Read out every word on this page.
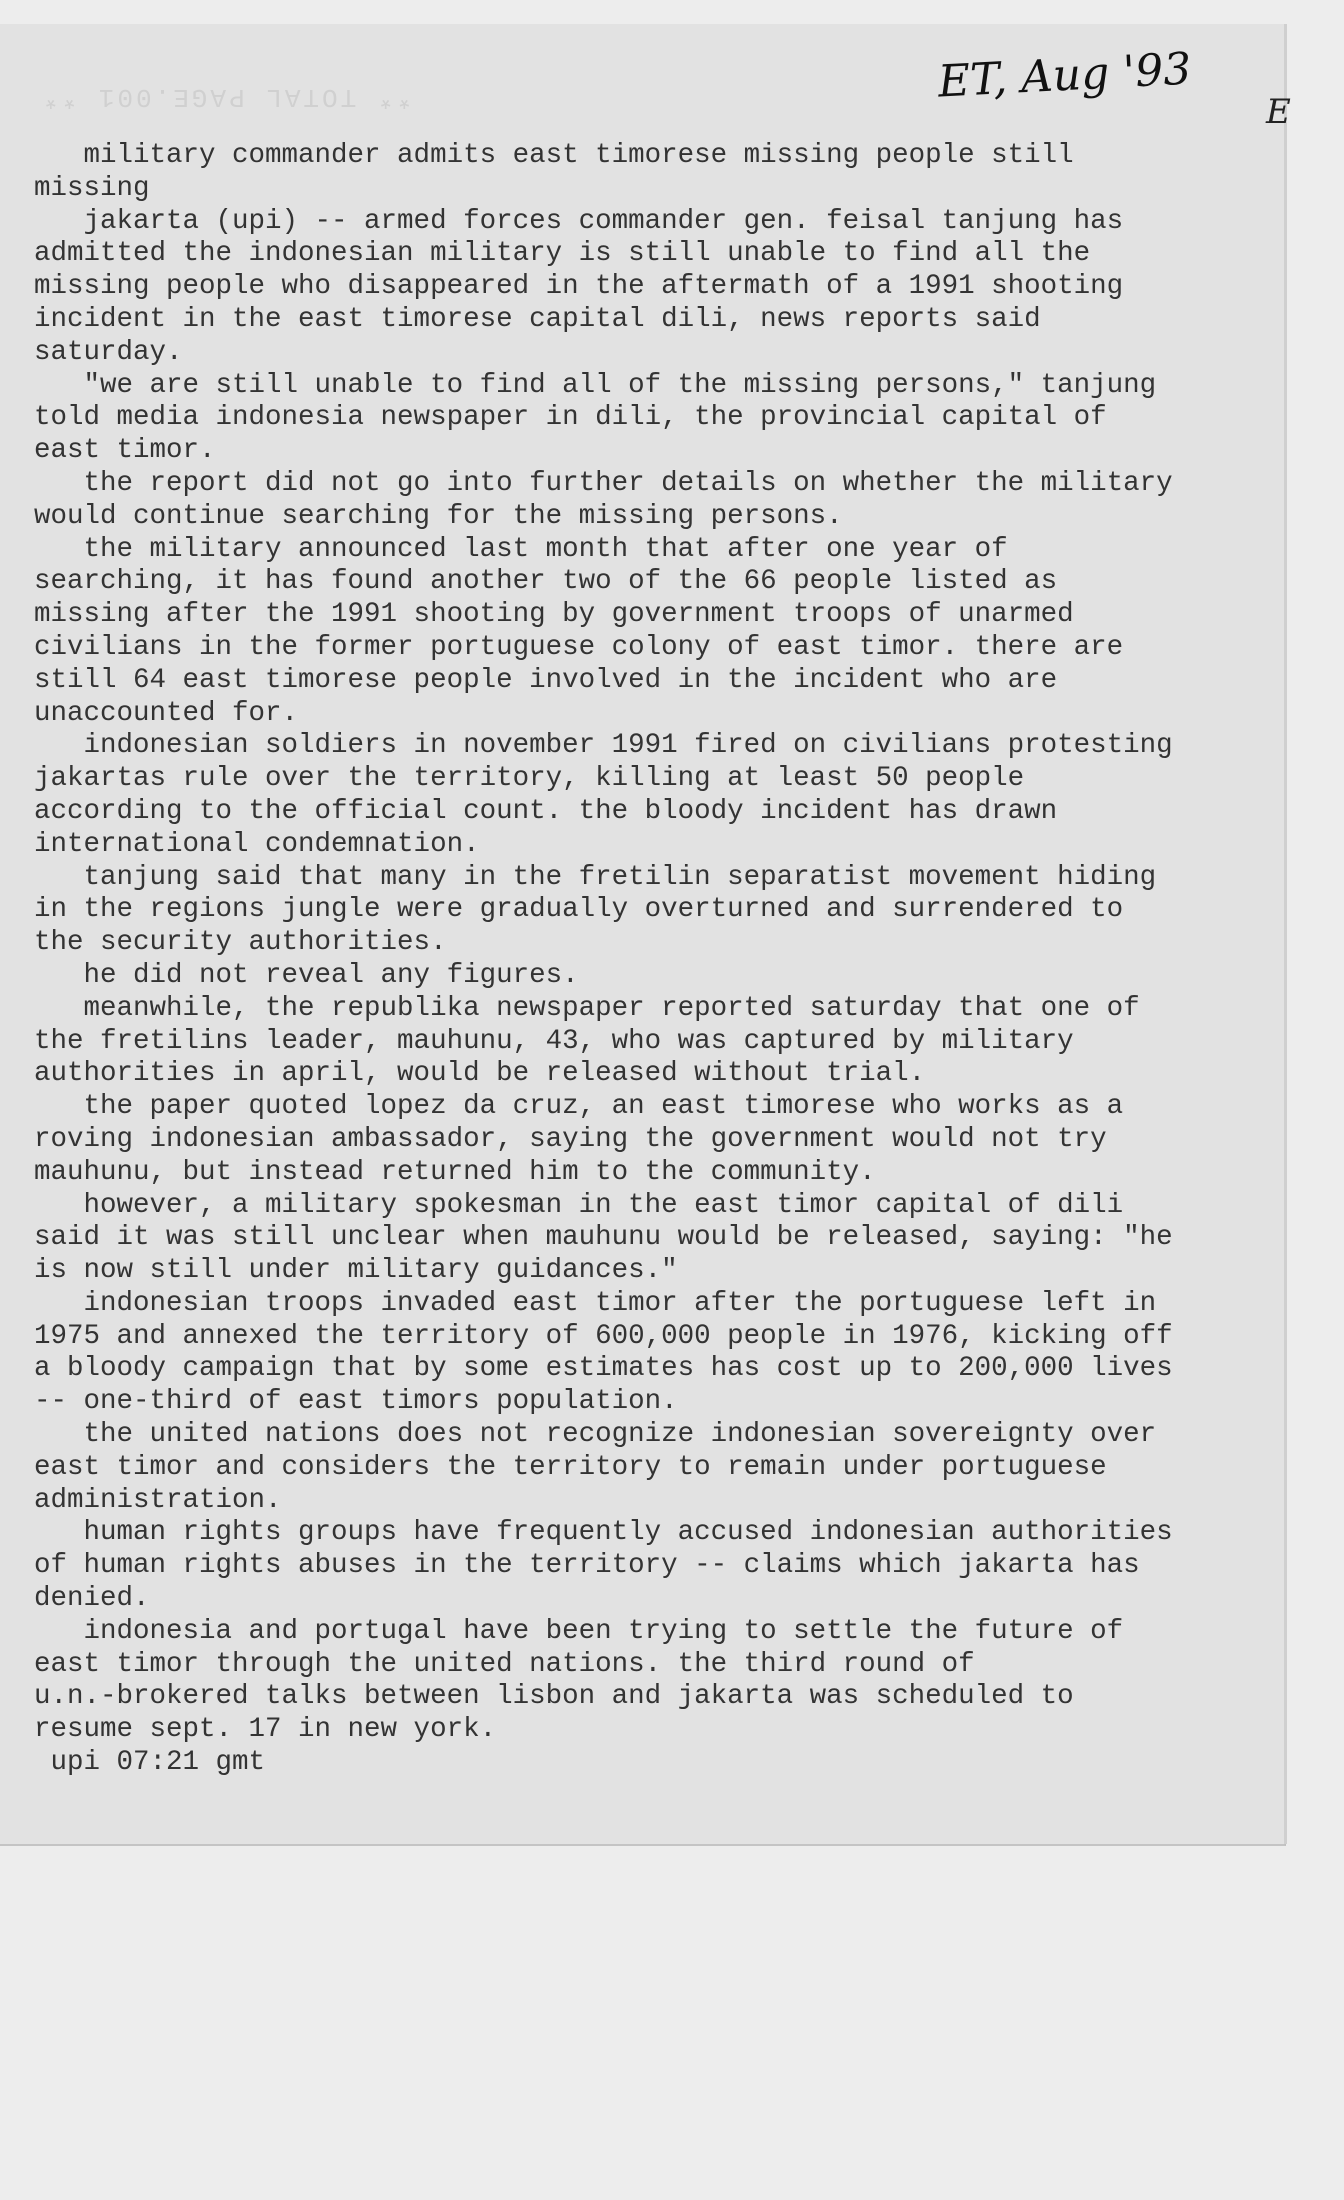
** TOTAL PAGE.001 **	ET, Aug '93
E
military commander admits east timorese missing people still
missing
jakarta (upi) -- armed forces commander gen. feisal tanjung has
admitted the indonesian military is still unable to find all the
missing people who disappeared in the aftermath of a 1991 shooting
incident in the east timorese capital dili, news reports said
saturday.
"we are still unable to find all of the missing persons," tanjung
told media indonesia newspaper in dili, the provincial capital of
east timor.
the report did not go into further details on whether the military
would continue searching for the missing persons.
the military announced last month that after one year of
searching, it has found another two of the 66 people listed as
missing after the 1991 shooting by government troops of unarmed
civilians in the former portuguese colony of east timor. there are
still 64 east timorese people involved in the incident who are
unaccounted for.
indonesian soldiers in november 1991 fired on civilians protesting
jakartas rule over the territory, killing at least 50 people
according to the official count. the bloody incident has drawn
international condemnation.
tanjung said that many in the fretilin separatist movement hiding
in the regions jungle were gradually overturned and surrendered to
the security authorities.
he did not reveal any figures.
meanwhile, the republika newspaper reported saturday that one of
the fretilins leader, mauhunu, 43, who was captured by military
authorities in april, would be released without trial.
the paper quoted lopez da cruz, an east timorese who works as a
roving indonesian ambassador, saying the government would not try
mauhunu, but instead returned him to the community.
however, a military spokesman in the east timor capital of dili
said it was still unclear when mauhunu would be released, saying: "he
is now still under military guidances."
indonesian troops invaded east timor after the portuguese left in
1975 and annexed the territory of 600,000 people in 1976, kicking off
a bloody campaign that by some estimates has cost up to 200,000 lives
-- one-third of east timors population.
the united nations does not recognize indonesian sovereignty over
east timor and considers the territory to remain under portuguese
administration.
human rights groups have frequently accused indonesian authorities
of human rights abuses in the territory -- claims which jakarta has
denied.
indonesia and portugal have been trying to settle the future of
east timor through the united nations. the third round of
u.n.-brokered talks between lisbon and jakarta was scheduled to
resume sept. 17 in new york.
upi 07:21 gmt
